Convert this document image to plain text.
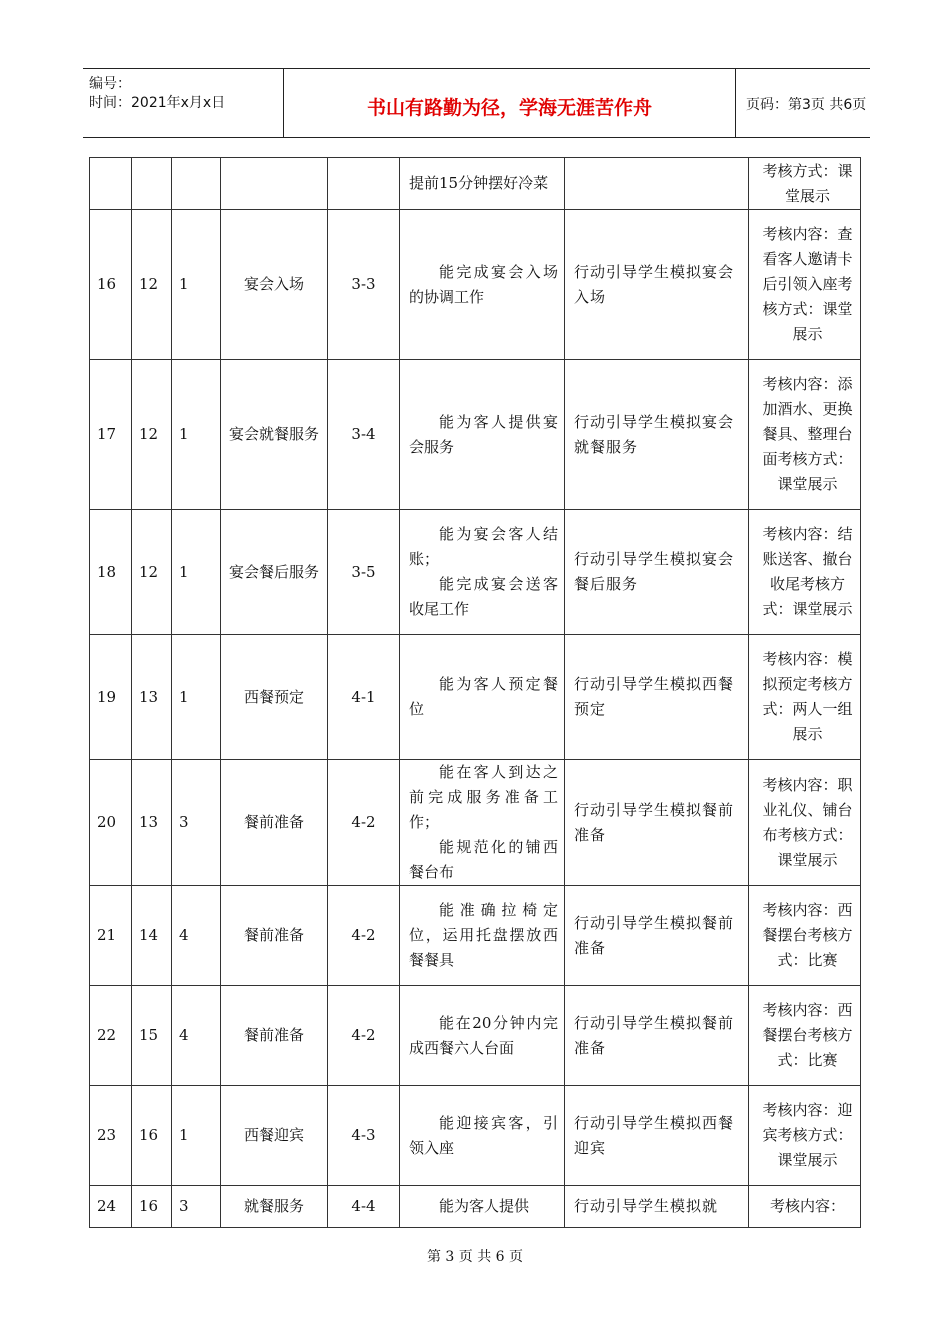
编号：
时间：2021年x月x日	书山有路勤为径，学海无涯苦作舟	页码：第3页 共6页

					提前15分钟摆好冷菜		考核方式：课堂展示
16	12	1	宴会入场	3-3	能完成宴会入场的协调工作	行动引导学生模拟宴会入场	考核内容：查看客人邀请卡后引领入座考核方式：课堂展示
17	12	1	宴会就餐服务	3-4	能为客人提供宴会服务	行动引导学生模拟宴会就餐服务	考核内容：添加酒水、更换餐具、整理台面考核方式：课堂展示
18	12	1	宴会餐后服务	3-5	能为宴会客人结账；
能完成宴会送客收尾工作	行动引导学生模拟宴会餐后服务	考核内容：结账送客、撤台收尾考核方式：课堂展示
19	13	1	西餐预定	4-1	能为客人预定餐位	行动引导学生模拟西餐预定	考核内容：模拟预定考核方式：两人一组展示
20	13	3	餐前准备	4-2	能在客人到达之前完成服务准备工作；
能规范化的铺西餐台布	行动引导学生模拟餐前准备	考核内容：职业礼仪、铺台布考核方式：课堂展示
21	14	4	餐前准备	4-2	能准确拉椅定位，运用托盘摆放西餐餐具	行动引导学生模拟餐前准备	考核内容：西餐摆台考核方式：比赛
22	15	4	餐前准备	4-2	能在20分钟内完成西餐六人台面	行动引导学生模拟餐前准备	考核内容：西餐摆台考核方式：比赛
23	16	1	西餐迎宾	4-3	能迎接宾客，引领入座	行动引导学生模拟西餐迎宾	考核内容：迎宾考核方式：课堂展示
24	16	3	就餐服务	4-4	能为客人提供	行动引导学生模拟就	考核内容：
第 3 页 共 6 页
